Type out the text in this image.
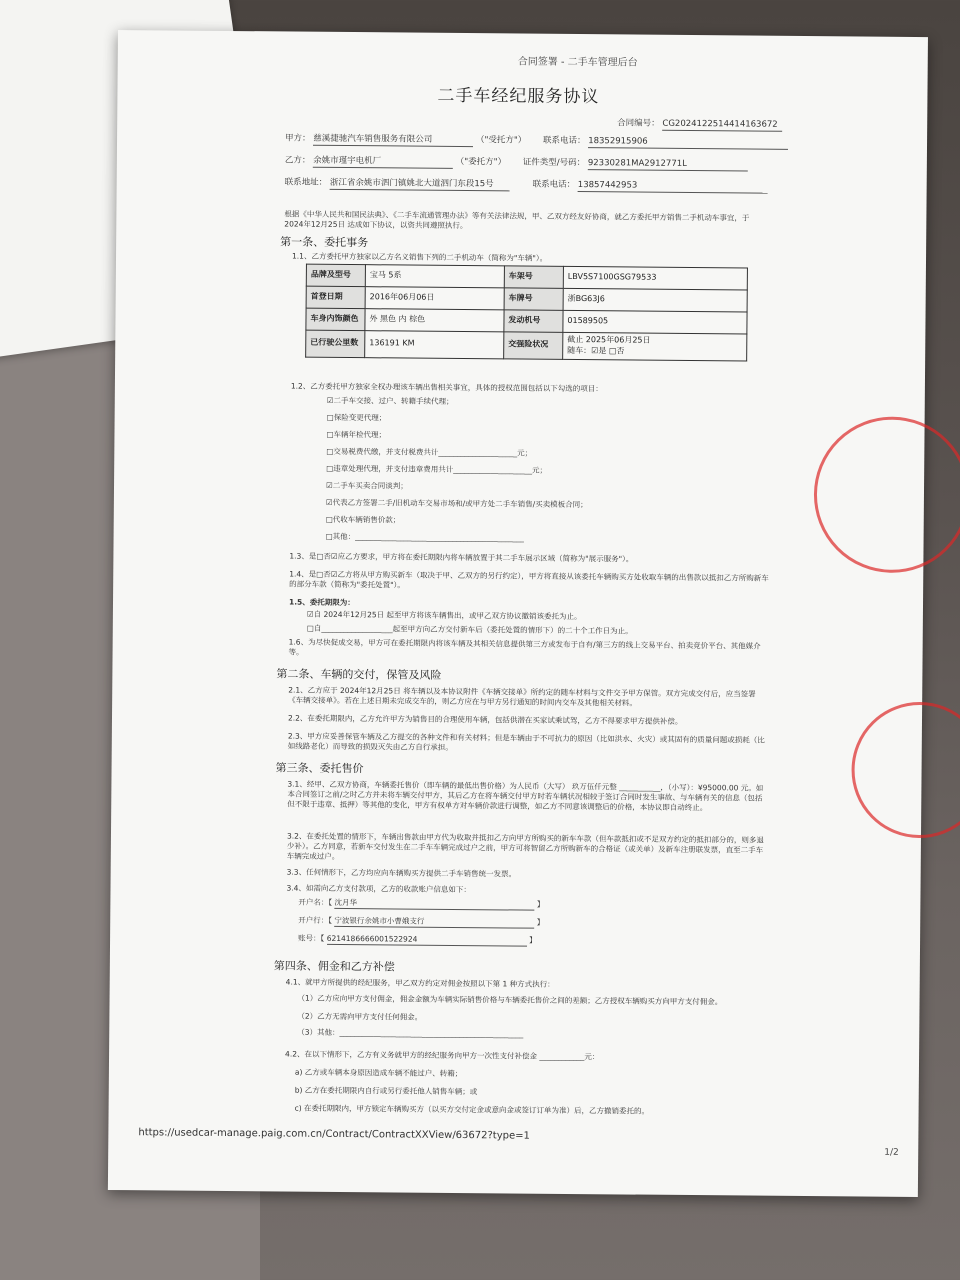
合同签署 - 二手车管理后台
二手车经纪服务协议
合同编号： CG20241225144141636​72
甲方： 慈溪捷驰汽车销售服务有限公司	（"受托方"） 联系电话： 18352915906
乙方： 余姚市瑾宇电机厂	（"委托方"） 证件类型/号码： 92330281MA2912771L
联系地址： 浙江省余姚市泗门镇姚北大道泗门东段15号	联系电话： 13857442953
根据《中华人民共和国民法典》、《二手车流通管理办法》等有关法律法规，甲、乙双方经友好协商，就乙方委托甲方销售二手机动车事宜，于 2024年12月25日 达成如下协议，以资共同遵照执行。
第一条、委托事务
1.1、乙方委托甲方独家以乙方名义销售下列的二手机动车（简称为"车辆"）。
品牌及型号	宝马 5系	车架号	LBV5S7100GSG79533
首登日期	2016年06月06日	车牌号	浙BG63J6
车身内饰颜色	外 黑色 内 棕色	发动机号	01589505
已行驶公里数	136191 KM	交强险状况	截止 2025年06月25日
随车：☑是 □否
1.2、乙方委托甲方独家全权办理该车辆出售相关事宜，具体的授权范围包括以下勾选的项目：
☑二手车交接、过户、转籍手续代理；
□保险变更代理；
□车辆年检代理；
□交易税费代缴，并支付税费共计_____________________元；
□违章处理代理，并支付违章费用共计_____________________元；
☑二手车买卖合同谈判；
☑代表乙方签署二手/旧机动车交易市场和/或甲方处二手车销售/买卖模板合同；
□代收车辆销售价款；
□其他：_____________________________________________
1.3、是□否☑应乙方要求，甲方将在委托期限内将车辆放置于其二手车展示区域（简称为"展示服务"）。
1.4、是□否☑乙方将从甲方购买新车（取决于甲、乙双方的另行约定），甲方将直接从该委托车辆购买方处收取车辆的出售款以抵扣乙方所购新车的部分车款（简称为"委托处置"）。
1.5、委托期限为：
☑自 2024年12月25日 起至甲方将该车辆售出，或甲乙双方协议撤销该委托为止。
□自___________________起至甲方向乙方交付新车后（委托处置的情形下）的二十个工作日为止。
1.6、为尽快促成交易，甲方可在委托期限内将该车辆及其相关信息提供第三方或发布于自有/第三方的线上交易平台、拍卖竞价平台、其他媒介等。
第二条、车辆的交付，保管及风险
2.1、乙方应于 2024年12月25日 将车辆以及本协议附件《车辆交接单》所约定的随车材料与文件交予甲方保管。双方完成交付后，应当签署《车辆交接单》。若在上述日期未完成交车的，则乙方应在与甲方另行通知的时间内交车及其他相关材料。
2.2、在委托期限内，乙方允许甲方为销售目的合理使用车辆，包括供潜在买家试乘试驾，乙方不得要求甲方提供补偿。
2.3、甲方应妥善保管车辆及乙方提交的各种文件和有关材料；但是车辆由于不可抗力的原因（比如洪水、火灾）或其固有的质量问题或损耗（比如线路老化）而导致的损毁灭失由乙方自行承担。
第三条、委托售价
3.1、经甲、乙双方协商，车辆委托售价（即车辆的最低出售价格）为人民币（大写） 玖万伍仟元整 ___________，（小写）：¥95000.00 元。如本合同签订之前/之时乙方并未将车辆交付甲方，其后乙方在将车辆交付甲方时若车辆状况相较于签订合同时发生事故、与车辆有关的信息（包括但不限于违章、抵押）等其他的变化，甲方有权单方对车辆价款进行调整，如乙方不同意该调整后的价格，本协议即自动终止。
3.2、在委托处置的情形下，车辆出售款由甲方代为收取并抵扣乙方向甲方所购买的新车车款（但车款抵扣或不足双方约定的抵扣部分的，则多退少补）。乙方同意，若新车交付发生在二手车车辆完成过户之前，甲方可将智留乙方所购新车的合格证（或关单）及新车注册联发票，直至二手车车辆完成过户。
3.3、任何情形下，乙方均应向车辆购买方提供二手车销售统一发票。
3.4、如需向乙方支付款项，乙方的收款账户信息如下：
开户名：【 沈月华	】
开户行：【 宁波银行余姚市小曹娥支行	】
账号：【 6214186666001522924	】
第四条、佣金和乙方补偿
4.1、就甲方所提供的经纪服务，甲乙双方约定对佣金按照以下第 1 种方式执行：
（1）乙方应向甲方支付佣金，佣金金额为车辆实际销售价格与车辆委托售价之间的差额；乙方授权车辆购买方向甲方支付佣金。
（2）乙方无需向甲方支付任何佣金。
（3）其他：_________________________________________________
4.2、在以下情形下，乙方有义务就甲方的经纪服务向甲方一次性支付补偿金 ____________元：
a) 乙方或车辆本身原因造成车辆不能过户、转籍；
b) 乙方在委托期限内自行或另行委托他人销售车辆；或
c) 在委托期限内，甲方锁定车辆购买方（以买方交付定金或意向金或签订订单为准）后，乙方撤销委托的。
https://usedcar-manage.paig.com.cn/Contract/ContractXXView/63672?type=1
1/2
